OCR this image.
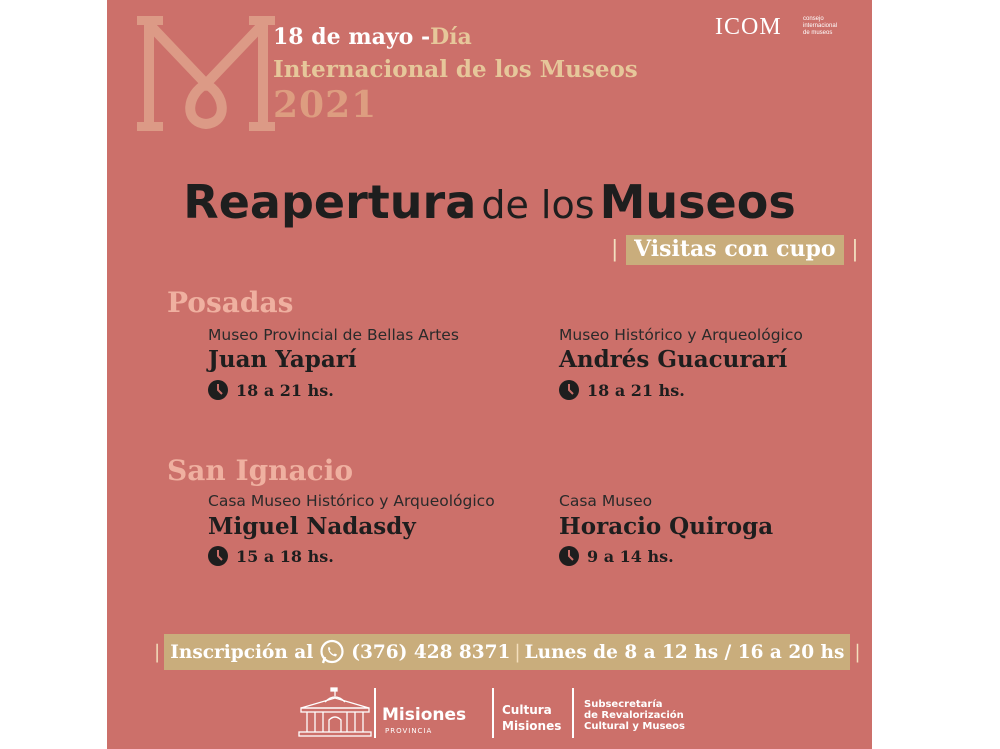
18 de mayo -Día
Internacional de los Museos
2021
ICOM	consejo
internacional
de museos
Reapertura de los Museos
| Visitas con cupo |
Posadas
Museo Provincial de Bellas Artes
Juan Yaparí
18 a 21 hs.
Museo Histórico y Arqueológico
Andrés Guacurarí
18 a 21 hs.
San Ignacio
Casa Museo Histórico y Arqueológico
Miguel Nadasdy
15 a 18 hs.
Casa Museo
Horacio Quiroga
9 a 14 hs.
| Inscripción al (376) 428 8371 | Lunes de 8 a 12 hs / 16 a 20 hs |
Misiones
PROVINCIA
Cultura
Misiones
Subsecretaría
de Revalorización
Cultural y Museos
